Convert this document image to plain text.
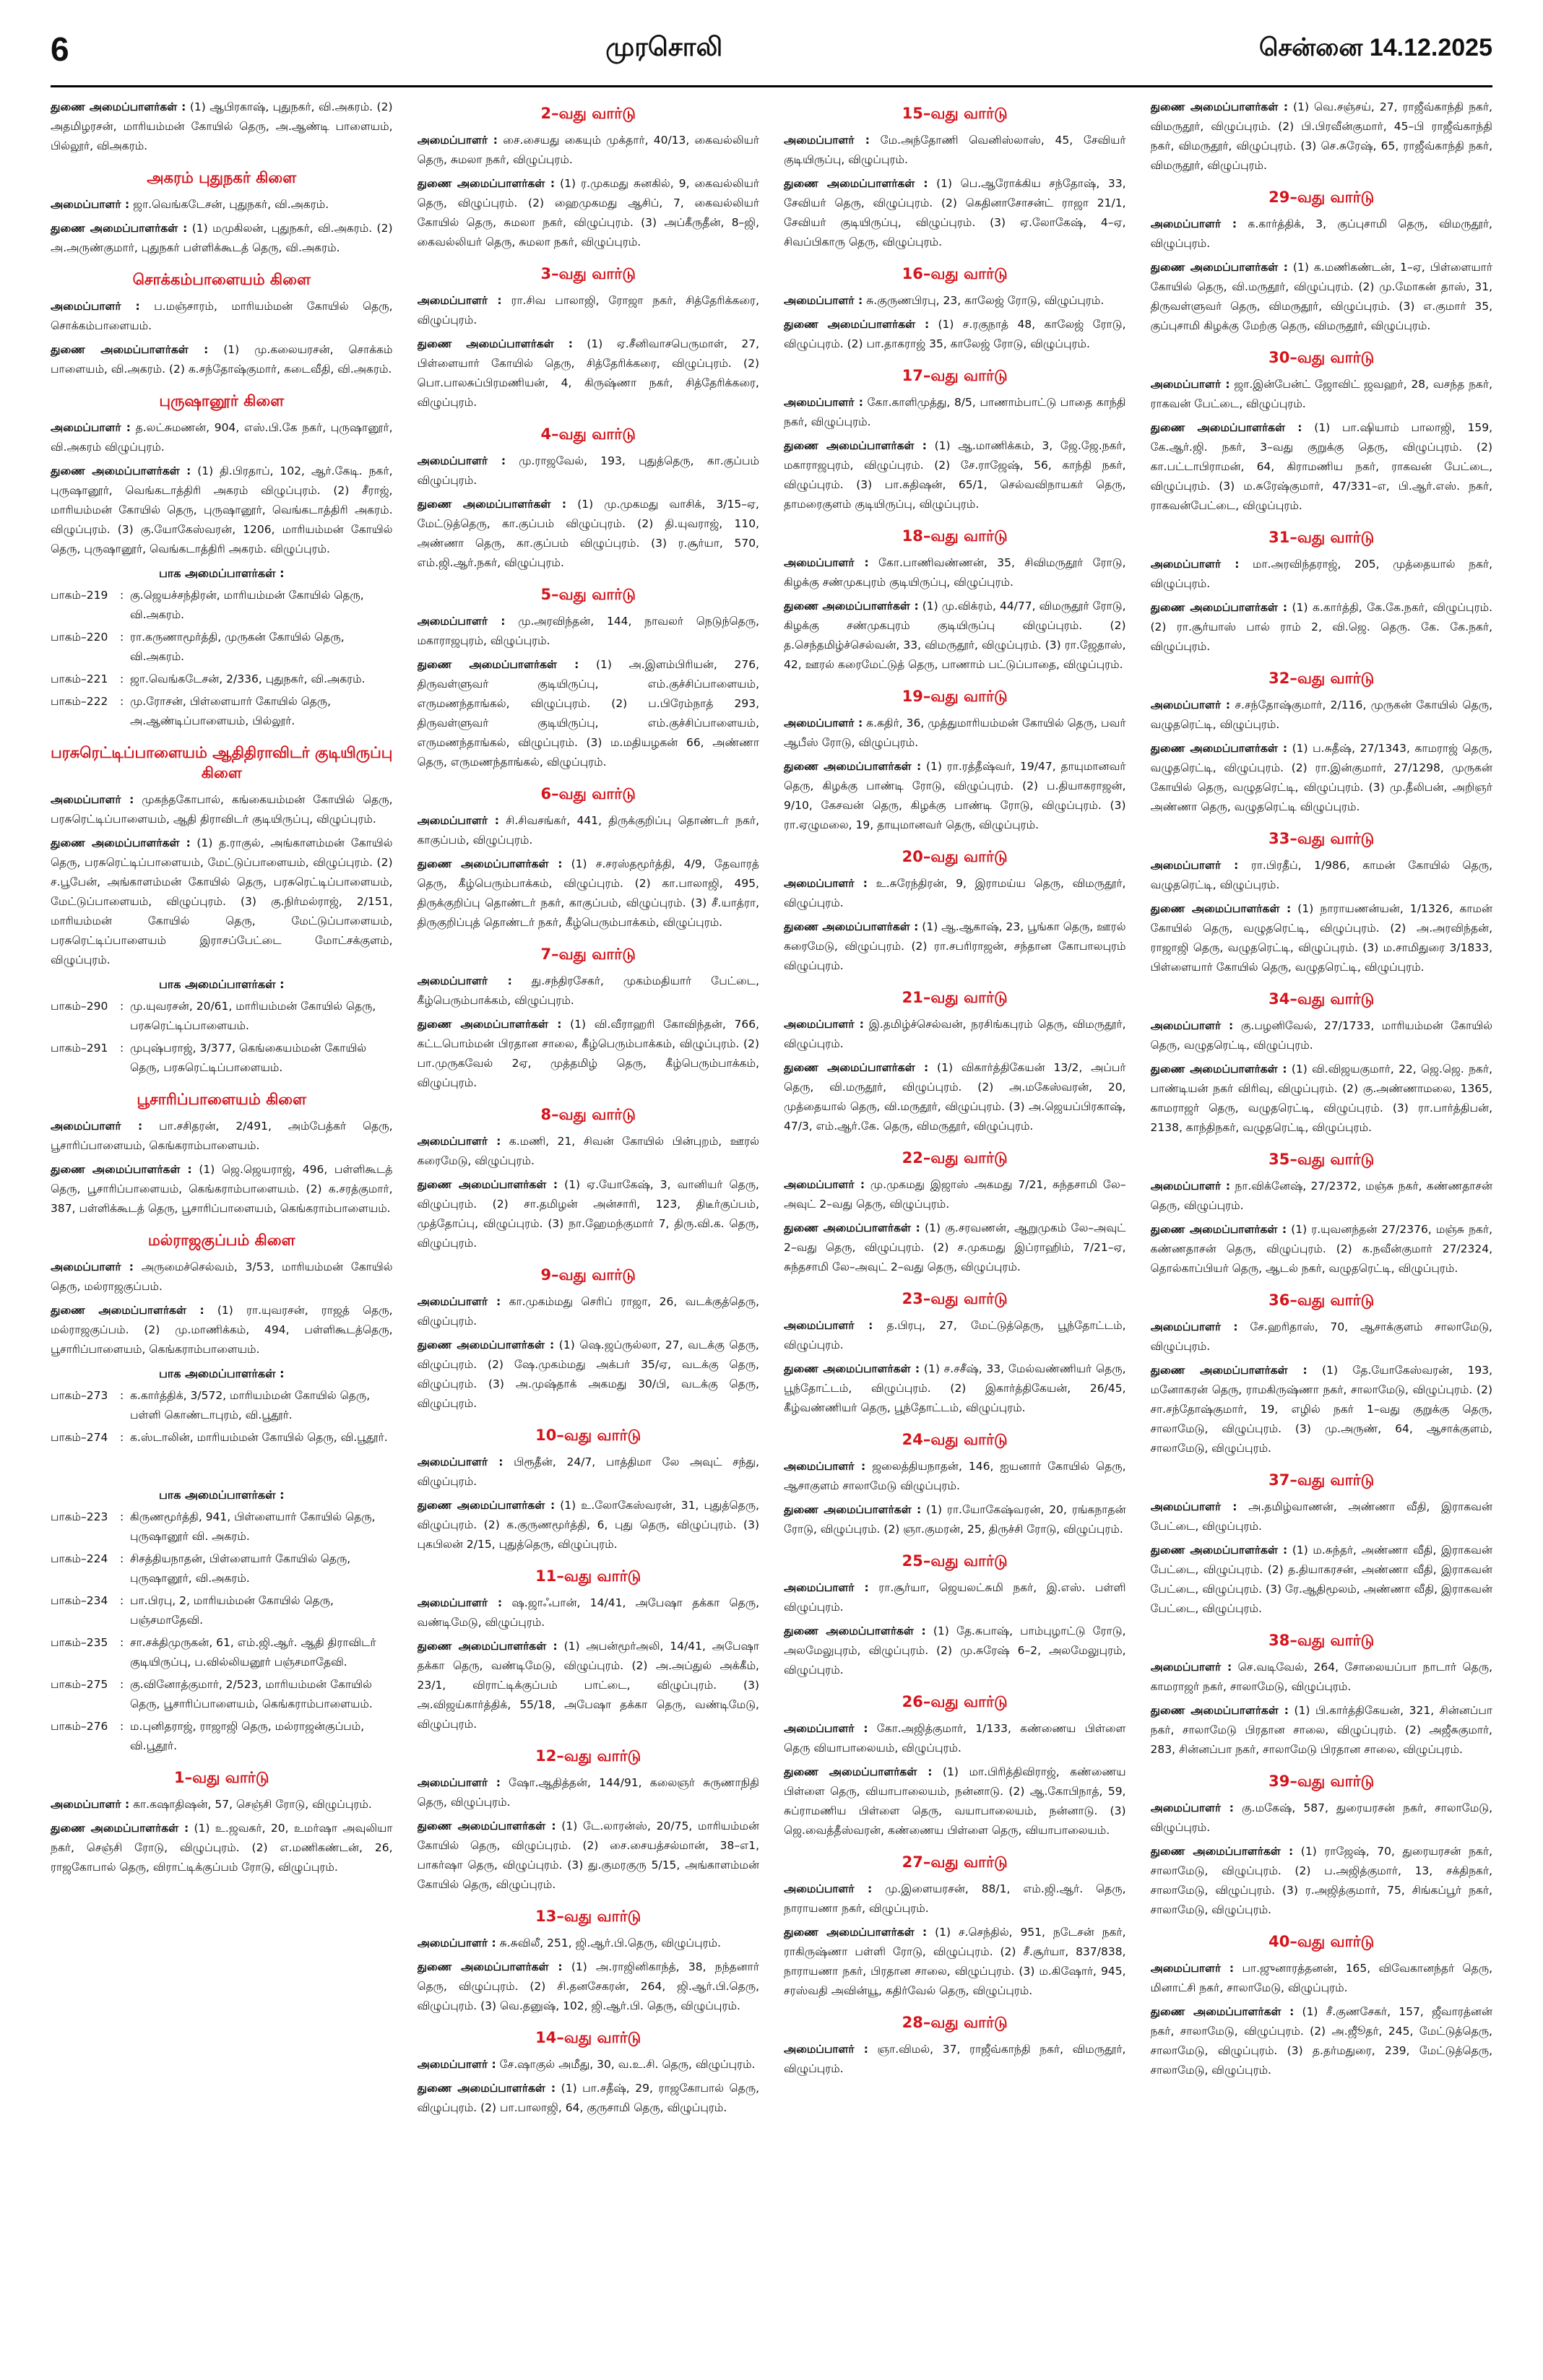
6	முரசொலி	சென்னை 14.12.2025

துணை அமைப்பாளர்கள் : (1) ஆபிரகாஷ், புதுநகர், வி.அகரம். (2) அதமிழரசன், மாரியம்மன் கோயில் தெரு, அ.ஆண்டி பாளையம், பில்லூர், விஅகரம்.

அகரம் புதுநகர் கிளை

அமைப்பாளர் : ஜா.வெங்கடேசன், புதுநகர், வி.அகரம்.

துணை அமைப்பாளர்கள் : (1) மமுகிலன், புதுநகர், வி.அகரம். (2) அ.அருண்குமார், புதுநகர் பள்ளிக்கூடத் தெரு, வி.அகரம்.

சொக்கம்பாளையம் கிளை

அமைப்பாளர் : ப.மஞ்சாரம், மாரியம்மன் கோயில் தெரு, சொக்கம்பாளையம்.

துணை அமைப்பாளர்கள் : (1) மு.கலையரசன், சொக்கம் பாளையம், வி.அகரம். (2) க.சந்தோஷ்குமார், கடைவீதி, வி.அகரம்.

புருஷானூர் கிளை

அமைப்பாளர் : த.லட்சுமணன், 904, எஸ்.பி.கே நகர், புருஷானூர், வி.அகரம் விழுப்புரம்.

துணை அமைப்பாளர்கள் : (1) தி.பிரதாப், 102, ஆர்.கேடி. நகர், புருஷானூர், வெங்கடாத்திரி அகரம் விழுப்புரம். (2) சீராஜ், மாரியம்மன் கோயில் தெரு, புருஷானூர், வெங்கடாத்திரி அகரம். விழுப்புரம். (3) கு.யோகேஸ்வரன், 1206, மாரியம்மன் கோயில் தெரு, புருஷானூர், வெங்கடாத்திரி அகரம். விழுப்புரம்.

பாக அமைப்பாளர்கள் :
பாகம்–219	: கு.ஜெயச்சந்திரன், மாரியம்மன் கோயில் தெரு, வி.அகரம்.
பாகம்–220	: ரா.கருணாமூர்த்தி, முருகன் கோயில் தெரு, வி.அகரம்.
பாகம்–221	: ஜா.வெங்கடேசன், 2/336, புதுநகர், வி.அகரம்.
பாகம்–222	: மு.ரோசன், பிள்ளையார் கோயில் தெரு, அ.ஆண்டிப்பாளையம், பில்லூர்.
பரசுரெட்டிப்பாளையம் ஆதிதிராவிடர் குடியிருப்பு கிளை

அமைப்பாளர் : முகந்தகோபால், கங்கையம்மன் கோயில் தெரு, பரசுரெட்டிப்பாளையம், ஆதி திராவிடர் குடியிருப்பு, விழுப்புரம்.

துணை அமைப்பாளர்கள் : (1) த.ராகுல், அங்காளம்மன் கோயில் தெரு, பரசுரெட்டிப்பாளையம், மேட்டுப்பாளையம், விழுப்புரம். (2) ச.பூபேன், அங்காளம்மன் கோயில் தெரு, பரசுரெட்டிப்பாளையம், மேட்டுப்பாளையம், விழுப்புரம். (3) கு.நிர்மல்ராஜ், 2/151, மாரியம்மன் கோயில் தெரு, மேட்டுப்பாளையம், பரசுரெட்டிப்பாளையம் இராசப்பேட்டை மோட்சக்குளம், விழுப்புரம்.

பாக அமைப்பாளர்கள் :
பாகம்–290	: மு.யுவரசன், 20/61, மாரியம்மன் கோயில் தெரு, பரசுரெட்டிப்பாளையம்.
பாகம்–291	: முபுஷ்பராஜ், 3/377, கெங்கையம்மன் கோயில் தெரு, பரசுரெட்டிப்பாளையம்.
பூசாரிப்பாளையம் கிளை

அமைப்பாளர் : பா.சசிதரன், 2/491, அம்பேத்கர் தெரு, பூசாரிப்பாளையம், கெங்கராம்பாளையம்.

துணை அமைப்பாளர்கள் : (1) ஜெ.ஜெயராஜ், 496, பள்ளிகூடத் தெரு, பூசாரிப்பாளையம், கெங்கராம்பாளையம். (2) க.சரத்குமார், 387, பள்ளிக்கூடத் தெரு, பூசாரிப்பாளையம், கெங்கராம்பாளையம்.

மல்ராஜகுப்பம் கிளை

அமைப்பாளர் : அருமைச்செல்வம், 3/53, மாரியம்மன் கோயில் தெரு, மல்ராஜகுப்பம்.

துணை அமைப்பாளர்கள் : (1) ரா.யுவரசன், ராஜத் தெரு, மல்ராஜகுப்பம். (2) மு.மாணிக்கம், 494, பள்ளிகூடத்தெரு, பூசாரிப்பாளையம், கெங்கராம்பாளையம்.

பாக அமைப்பாளர்கள் :
பாகம்–273	: க.கார்த்திக், 3/572, மாரியம்மன் கோயில் தெரு, பள்ளி கொண்டாபுரம், வி.பூதூர்.
பாகம்–274	: க.ஸ்டாலின், மாரியம்மன் கோயில் தெரு, வி.பூதூர்.
பாக அமைப்பாளர்கள் :
பாகம்–223	: கிருணமூர்த்தி, 941, பிள்ளையார் கோயில் தெரு, புருஷானூர் வி. அகரம்.
பாகம்–224	: சிசத்தியநாதன், பிள்ளையார் கோயில் தெரு, புருஷானூர், வி.அகரம்.
பாகம்–234	: பா.பிரபு, 2, மாரியம்மன் கோயில் தெரு, பஞ்சமாதேவி.
பாகம்–235	: சா.சக்திமுருகன், 61, எம்.ஜி.ஆர். ஆதி திராவிடர் குடியிருப்பு, ப.வில்லியனூர் பஞ்சமாதேவி.
பாகம்–275	: கு.வினோத்குமார், 2/523, மாரியம்மன் கோயில் தெரு, பூசாரிப்பாளையம், கெங்கராம்பாளையம்.
பாகம்–276	: ம.புனிதராஜ், ராஜாஜி தெரு, மல்ராஜன்குப்பம், வி.பூதூர்.
1–வது வார்டு

அமைப்பாளர் : கா.கஷாதிஷன், 57, செஞ்சி ரோடு, விழுப்புரம்.

துணை அமைப்பாளர்கள் : (1) உ.ஜவகர், 20, உமர்ஷா அவுலியா நகர், செஞ்சி ரோடு, விழுப்புரம். (2) எ.மணிகண்டன், 26, ராஜகோபால் தெரு, விராட்டிக்குப்பம் ரோடு, விழுப்புரம்.

2–வது வார்டு

அமைப்பாளர் : சை.சையது கையும் முக்தார், 40/13, கைவல்லியர் தெரு, சுமலா நகர், விழுப்புரம்.

துணை அமைப்பாளர்கள் : (1) ர.முகமது சுனகில், 9, கைவல்லியர் தெரு, விழுப்புரம். (2) ஹைமுகமது ஆசிப், 7, கைவல்லியர் கோயில் தெரு, சுமலா நகர், விழுப்புரம். (3) அப்கீருதீன், 8–ஜி, கைவல்லியர் தெரு, சுமலா நகர், விழுப்புரம்.

3–வது வார்டு

அமைப்பாளர் : ரா.சிவ பாலாஜி, ரோஜா நகர், சித்தேரிக்கரை, விழுப்புரம்.

துணை அமைப்பாளர்கள் : (1) ஏ.சீனிவாசபெருமாள், 27, பிள்ளையார் கோயில் தெரு, சித்தேரிக்கரை, விழுப்புரம். (2) பொ.பாலசுப்பிரமணியன், 4, கிருஷ்ணா நகர், சித்தேரிக்கரை, விழுப்புரம்.

4–வது வார்டு

அமைப்பாளர் : மு.ராஜவேல், 193, புதுத்தெரு, கா.குப்பம் விழுப்புரம்.

துணை அமைப்பாளர்கள் : (1) மு.முகமது வாசிக், 3/15–ஏ, மேட்டுத்தெரு, கா.குப்பம் விழுப்புரம். (2) தி.யுவராஜ், 110, அண்ணா தெரு, கா.குப்பம் விழுப்புரம். (3) ர.சூர்யா, 570, எம்.ஜி.ஆர்.நகர், விழுப்புரம்.

5–வது வார்டு

அமைப்பாளர் : மு.அரவிந்தன், 144, நாவலர் நெடுந்தெரு, மகாராஜபுரம், விழுப்புரம்.

துணை அமைப்பாளர்கள் : (1) அ.இளம்பிரியன், 276, திருவள்ளுவர் குடியிருப்பு, எம்.குச்சிப்பாளையம், எருமணந்தாங்கல், விழுப்புரம். (2) ப.பிரேம்நாத் 293, திருவள்ளுவர் குடியிருப்பு, எம்.குச்சிப்பாளையம், எருமணந்தாங்கல், விழுப்புரம். (3) ம.மதியழகன் 66, அண்ணா தெரு, எருமணந்தாங்கல், விழுப்புரம்.

6–வது வார்டு

அமைப்பாளர் : சி.சிவசங்கர், 441, திருக்குறிப்பு தொண்டர் நகர், காகுப்பம், விழுப்புரம்.

துணை அமைப்பாளர்கள் : (1) ச.சரஸ்தமூர்த்தி, 4/9, தேவாரத் தெரு, கீழ்பெரும்பாக்கம், விழுப்புரம். (2) கா.பாலாஜி, 495, திருக்குறிப்பு தொண்டர் நகர், காகுப்பம், விழுப்புரம். (3) சீ.யாத்ரா, திருகுறிப்புத் தொண்டர் நகர், கீழ்பெரும்பாக்கம், விழுப்புரம்.

7–வது வார்டு

அமைப்பாளர் : து.சந்திரசேகர், முகம்மதியார் பேட்டை, கீழ்பெரும்பாக்கம், விழுப்புரம்.

துணை அமைப்பாளர்கள் : (1) வி.வீராஹரி கோவிந்தன், 766, கட்டபொம்மன் பிரதான சாலை, கீழ்பெரும்பாக்கம், விழுப்புரம். (2) பா.முருகவேல் 2ஏ, முத்தமிழ் தெரு, கீழ்பெரும்பாக்கம், விழுப்புரம்.

8–வது வார்டு

அமைப்பாளர் : க.மணி, 21, சிவன் கோயில் பின்புறம், ஊரல் கரைமேடு, விழுப்புரம்.

துணை அமைப்பாளர்கள் : (1) ஏ.யோகேஷ், 3, வானியர் தெரு, விழுப்புரம். (2) சா.தமிழன் அன்சாரி, 123, திடீர்குப்பம், முத்தோப்பு, விழுப்புரம். (3) நா.ஹேமந்குமார் 7, திரு.வி.க. தெரு, விழுப்புரம்.

9–வது வார்டு

அமைப்பாளர் : கா.முகம்மது செரிப் ராஜா, 26, வடக்குத்தெரு, விழுப்புரம்.

துணை அமைப்பாளர்கள் : (1) ஷெ.ஜப்ருல்லா, 27, வடக்கு தெரு, விழுப்புரம். (2) ஷே.முகம்மது அக்பர் 35/ஏ, வடக்கு தெரு, விழுப்புரம். (3) அ.முஷ்தாக் அகமது 30/பி, வடக்கு தெரு, விழுப்புரம்.

10–வது வார்டு

அமைப்பாளர் : பிரூதீன், 24/7, பாத்திமா லே அவுட் சந்து, விழுப்புரம்.

துணை அமைப்பாளர்கள் : (1) உ.லோகேஸ்வரன், 31, புதுத்தெரு, விழுப்புரம். (2) க.குருணமூர்த்தி, 6, புது தெரு, விழுப்புரம். (3) புகபிலன் 2/15, புதுத்தெரு, விழுப்புரம்.

11–வது வார்டு

அமைப்பாளர் : ஷ.ஜாஃபான், 14/41, அபேஷா தக்கா தெரு, வண்டிமேடு, விழுப்புரம்.

துணை அமைப்பாளர்கள் : (1) அபன்மூர்அலி, 14/41, அபேஷா தக்கா தெரு, வண்டிமேடு, விழுப்புரம். (2) அ.அப்துல் அக்கீம், 23/1, விராட்டிக்குப்பம் பாட்டை, விழுப்புரம். (3) அ.விஜய்கார்த்திக், 55/18, அபேஷா தக்கா தெரு, வண்டிமேடு, விழுப்புரம்.

12–வது வார்டு

அமைப்பாளர் : ஷோ.ஆதித்தன், 144/91, கலைஞர் சுருணாநிதி தெரு, விழுப்புரம்.

துணை அமைப்பாளர்கள் : (1) டே.லாரன்ஸ், 20/75, மாரியம்மன் கோயில் தெரு, விழுப்புரம். (2) சை.சையத்சல்மான், 38–எ1, பாகர்ஷா தெரு, விழுப்புரம். (3) து.குமரகுரு 5/15, அங்காளம்மன் கோயில் தெரு, விழுப்புரம்.

13–வது வார்டு

அமைப்பாளர் : சு.சுவிலீ, 251, ஜி.ஆர்.பி.தெரு, விழுப்புரம்.

துணை அமைப்பாளர்கள் : (1) அ.ராஜினிகாந்த், 38, நந்தனார் தெரு, விழுப்புரம். (2) சி.தனசேகரன், 264, ஜி.ஆர்.பி.தெரு, விழுப்புரம். (3) வெ.தனுஷ், 102, ஜி.ஆர்.பி. தெரு, விழுப்புரம்.

14–வது வார்டு

அமைப்பாளர் : சே.ஷாகுல் அமீது, 30, வ.உ.சி. தெரு, விழுப்புரம்.

துணை அமைப்பாளர்கள் : (1) பா.சதீஷ், 29, ராஜகோபால் தெரு, விழுப்புரம். (2) பா.பாலாஜி, 64, குருசாமி தெரு, விழுப்புரம்.

15–வது வார்டு

அமைப்பாளர் : மே.அந்தோணி வெனிஸ்லாஸ், 45, சேவியர் குடியிருப்பு, விழுப்புரம்.

துணை அமைப்பாளர்கள் : (1) பெ.ஆரோக்கிய சந்தோஷ், 33, சேவியர் தெரு, விழுப்புரம். (2) கெதினாசோசன்ட் ராஜா 21/1, சேவியர் குடியிருப்பு, விழுப்புரம். (3) ஏ.லோகேஷ், 4–ஏ, சிவப்பிகாரு தெரு, விழுப்புரம்.

16–வது வார்டு

அமைப்பாளர் : சு.குருணபிரபு, 23, காலேஜ் ரோடு, விழுப்புரம்.

துணை அமைப்பாளர்கள் : (1) ச.ரகுநாத் 48, காலேஜ் ரோடு, விழுப்புரம். (2) பா.தாகராஜ் 35, காலேஜ் ரோடு, விழுப்புரம்.

17–வது வார்டு

அமைப்பாளர் : கோ.காளிமுத்து, 8/5, பாணாம்பாட்டு பாதை காந்தி நகர், விழுப்புரம்.

துணை அமைப்பாளர்கள் : (1) ஆ.மாணிக்கம், 3, ஜே.ஜே.நகர், மகாராஜபுரம், விழுப்புரம். (2) சே.ராஜேஷ், 56, காந்தி நகர், விழுப்புரம். (3) பா.சுதிஷன், 65/1, செல்வவிநாயகர் தெரு, தாமரைகுளம் குடியிருப்பு, விழுப்புரம்.

18–வது வார்டு

அமைப்பாளர் : கோ.பாணிவண்ணன், 35, சிவிமருதூர் ரோடு, கிழக்கு சண்முகபுரம் குடியிருப்பு, விழுப்புரம்.

துணை அமைப்பாளர்கள் : (1) மு.விக்ரம், 44/77, விமருதூர் ரோடு, கிழக்கு சண்முகபுரம் குடியிருப்பு விழுப்புரம். (2) த.செந்தமிழ்ச்செல்வன், 33, விமருதூர், விழுப்புரம். (3) ரா.ஜேதாஸ், 42, ஊரல் கரைமேட்டுத் தெரு, பாணாம் பட்டுப்பாதை, விழுப்புரம்.

19–வது வார்டு

அமைப்பாளர் : க.கதிர், 36, முத்துமாரியம்மன் கோயில் தெரு, பவர் ஆபீஸ் ரோடு, விழுப்புரம்.

துணை அமைப்பாளர்கள் : (1) ரா.ரத்தீஷ்வர், 19/47, தாயுமானவர் தெரு, கிழக்கு பாண்டி ரோடு, விழுப்புரம். (2) ப.தியாகராஜன், 9/10, கேசவன் தெரு, கிழக்கு பாண்டி ரோடு, விழுப்புரம். (3) ரா.ஏழுமலை, 19, தாயுமானவர் தெரு, விழுப்புரம்.

20–வது வார்டு

அமைப்பாளர் : உ.சுரேந்திரன், 9, இராமய்ய தெரு, விமருதூர், விழுப்புரம்.

துணை அமைப்பாளர்கள் : (1) ஆ.ஆகாஷ், 23, பூங்கா தெரு, ஊரல் கரைமேடு, விழுப்புரம். (2) ரா.சபரிராஜன், சந்தான கோபாலபுரம் விழுப்புரம்.

21–வது வார்டு

அமைப்பாளர் : இ.தமிழ்ச்செல்வன், நரசிங்கபுரம் தெரு, விமருதூர், விழுப்புரம்.

துணை அமைப்பாளர்கள் : (1) விகார்த்திகேயன் 13/2, அப்பர் தெரு, வி.மருதூர், விழுப்புரம். (2) அ.மகேஸ்வரன், 20, முத்தையால் தெரு, வி.மருதூர், விழுப்புரம். (3) அ.ஜெயப்பிரகாஷ், 47/3, எம்.ஆர்.கே. தெரு, விமருதூர், விழுப்புரம்.

22–வது வார்டு

அமைப்பாளர் : மு.முகமது இஜாஸ் அகமது 7/21, சுந்தசாமி லே–அவுட் 2–வது தெரு, விழுப்புரம்.

துணை அமைப்பாளர்கள் : (1) கு.சரவணன், ஆறுமுகம் லே–அவுட் 2–வது தெரு, விழுப்புரம். (2) ச.முகமது இப்ராஹிம், 7/21–ஏ, சுந்தசாமி லே–அவுட் 2–வது தெரு, விழுப்புரம்.

23–வது வார்டு

அமைப்பாளர் : த.பிரபு, 27, மேட்டுத்தெரு, பூந்தோட்டம், விழுப்புரம்.

துணை அமைப்பாளர்கள் : (1) ச.சசீஷ், 33, மேல்வண்ணியர் தெரு, பூந்தோட்டம், விழுப்புரம். (2) இகார்த்திகேயன், 26/45, கீழ்வண்ணியர் தெரு, பூந்தோட்டம், விழுப்புரம்.

24–வது வார்டு

அமைப்பாளர் : ஜலைத்தியநாதன், 146, ஐயனார் கோயில் தெரு, ஆசாகுளம் சாலாமேடு விழுப்புரம்.

துணை அமைப்பாளர்கள் : (1) ரா.யோகேஷ்வரன், 20, ரங்கநாதன் ரோடு, விழுப்புரம். (2) ஞா.குமரன், 25, திருச்சி ரோடு, விழுப்புரம்.

25–வது வார்டு

அமைப்பாளர் : ரா.சூர்யா, ஜெயலட்சுமி நகர், இ.எஸ். பள்ளி விழுப்புரம்.

துணை அமைப்பாளர்கள் : (1) தே.சுபாஷ், பாம்புழாட்டு ரோடு, அலமேலுபுரம், விழுப்புரம். (2) மு.சுரேஷ் 6–2, அலமேலுபுரம், விழுப்புரம்.

26–வது வார்டு

அமைப்பாளர் : கோ.அஜித்குமார், 1/133, கண்ணைய பிள்ளை தெரு வியாபாலையம், விழுப்புரம்.

துணை அமைப்பாளர்கள் : (1) மா.பிரித்திவிராஜ், கண்ணைய பிள்ளை தெரு, வியாபாலையம், நன்னாடு. (2) ஆ.கோபிநாத், 59, சுப்ராமணிய பிள்ளை தெரு, வயாபாலையம், நன்னாடு. (3) ஜெ.வைத்தீஸ்வரன், கண்ணைய பிள்ளை தெரு, வியாபாலையம்.

27–வது வார்டு

அமைப்பாளர் : மு.இளையரசன், 88/1, எம்.ஜி.ஆர். தெரு, நாராயணா நகர், விழுப்புரம்.

துணை அமைப்பாளர்கள் : (1) ச.செந்தில், 951, நடேசன் நகர், ராகிருஷ்ணா பள்ளி ரோடு, விழுப்புரம். (2) சீ.சூர்யா, 837/838, நாராயணா நகர், பிரதான சாலை, விழுப்புரம். (3) ம.கிஷோர், 945, சரஸ்வதி அவின்யூ, கதிர்வேல் தெரு, விழுப்புரம்.

28–வது வார்டு

அமைப்பாளர் : ஞா.விமல், 37, ராஜீவ்காந்தி நகர், விமருதூர், விழுப்புரம்.

துணை அமைப்பாளர்கள் : (1) வெ.சஞ்சய், 27, ராஜீவ்காந்தி நகர், விமருதூர், விழுப்புரம். (2) பி.பிரவீன்குமார், 45–பி ராஜீவ்காந்தி நகர், விமருதூர், விழுப்புரம். (3) செ.சுரேஷ், 65, ராஜீவ்காந்தி நகர், விமருதூர், விழுப்புரம்.

29–வது வார்டு

அமைப்பாளர் : க.கார்த்திக், 3, குப்புசாமி தெரு, விமருதூர், விழுப்புரம்.

துணை அமைப்பாளர்கள் : (1) க.மணிகண்டன், 1–ஏ, பிள்ளையார் கோயில் தெரு, வி.மருதூர், விழுப்புரம். (2) மு.மோகன் தாஸ், 31, திருவள்ளுவர் தெரு, விமருதூர், விழுப்புரம். (3) எ.குமார் 35, குப்புசாமி கிழக்கு மேற்கு தெரு, விமருதூர், விழுப்புரம்.

30–வது வார்டு

அமைப்பாளர் : ஜா.இன்பேன்ட் ஜோவிட் ஜவஹர், 28, வசந்த நகர், ராகவன் பேட்டை, விழுப்புரம்.

துணை அமைப்பாளர்கள் : (1) பா.ஷியாம் பாலாஜி, 159, கே.ஆர்.ஜி. நகர், 3–வது குறுக்கு தெரு, விழுப்புரம். (2) கா.பட்டாபிராமன், 64, கிராமணிய நகர், ராகவன் பேட்டை, விழுப்புரம். (3) ம.சுரேஷ்குமார், 47/331–எ, பி.ஆர்.எஸ். நகர், ராகவன்பேட்டை, விழுப்புரம்.

31–வது வார்டு

அமைப்பாளர் : மா.அரவிந்தராஜ், 205, முத்தையால் நகர், விழுப்புரம்.

துணை அமைப்பாளர்கள் : (1) க.கார்த்தி, கே.கே.நகர், விழுப்புரம். (2) ரா.சூர்யாஸ் பால் ராம் 2, வி.ஜெ. தெரு. கே. கே.நகர், விழுப்புரம்.

32–வது வார்டு

அமைப்பாளர் : ச.சந்தோஷ்குமார், 2/116, முருகன் கோயில் தெரு, வழுதரெட்டி, விழுப்புரம்.

துணை அமைப்பாளர்கள் : (1) ப.சுதீஷ், 27/1343, காமராஜ் தெரு, வழுதரெட்டி, விழுப்புரம். (2) ரா.இன்குமார், 27/1298, முருகன் கோயில் தெரு, வழுதரெட்டி, விழுப்புரம். (3) மு.தீலிபன், அறிஞர் அண்ணா தெரு, வழுதரெட்டி விழுப்புரம்.

33–வது வார்டு

அமைப்பாளர் : ரா.பிரதீப், 1/986, காமன் கோயில் தெரு, வழுதரெட்டி, விழுப்புரம்.

துணை அமைப்பாளர்கள் : (1) நாராயணன்யன், 1/1326, காமன் கோயில் தெரு, வழுதரெட்டி, விழுப்புரம். (2) அ.அரவிந்தன், ராஜாஜி தெரு, வழுதரெட்டி, விழுப்புரம். (3) ம.சாமிதுரை 3/1833, பிள்ளையார் கோயில் தெரு, வழுதரெட்டி, விழுப்புரம்.

34–வது வார்டு

அமைப்பாளர் : கு.பழனிவேல், 27/1733, மாரியம்மன் கோயில் தெரு, வழுதரெட்டி, விழுப்புரம்.

துணை அமைப்பாளர்கள் : (1) வி.விஜயகுமார், 22, ஜெ.ஜெ. நகர், பாண்டியன் நகர் விரிவு, விழுப்புரம். (2) கு.அண்ணாமலை, 1365, காமராஜர் தெரு, வழுதரெட்டி, விழுப்புரம். (3) ரா.பார்த்திபன், 2138, காந்திநகர், வழுதரெட்டி, விழுப்புரம்.

35–வது வார்டு

அமைப்பாளர் : நா.விக்னேஷ், 27/2372, மஞ்சு நகர், கண்ணதாசன் தெரு, விழுப்புரம்.

துணை அமைப்பாளர்கள் : (1) ர.யுவனந்தன் 27/2376, மஞ்சு நகர், கண்ணதாசன் தெரு, விழுப்புரம். (2) க.நவீன்குமார் 27/2324, தொல்காப்பியர் தெரு, ஆடல் நகர், வழுதரெட்டி, விழுப்புரம்.

36–வது வார்டு

அமைப்பாளர் : சே.ஹரிதாஸ், 70, ஆசாக்குளம் சாலாமேடு, விழுப்புரம்.

துணை அமைப்பாளர்கள் : (1) தே.யோகேஸ்வரன், 193, மனோகரன் தெரு, ராமகிருஷ்ணா நகர், சாலாமேடு, விழுப்புரம். (2) சா.சந்தோஷ்குமார், 19, எழில் நகர் 1–வது குறுக்கு தெரு, சாலாமேடு, விழுப்புரம். (3) மு.அருண், 64, ஆசாக்குளம், சாலாமேடு, விழுப்புரம்.

37–வது வார்டு

அமைப்பாளர் : அ.தமிழ்வாணன், அண்ணா வீதி, இராகவன் பேட்டை, விழுப்புரம்.

துணை அமைப்பாளர்கள் : (1) ம.சுந்தர், அண்ணா வீதி, இராகவன் பேட்டை, விழுப்புரம். (2) த.தியாகரசன், அண்ணா வீதி, இராகவன் பேட்டை, விழுப்புரம். (3) ரே.ஆதிமூலம், அண்ணா வீதி, இராகவன் பேட்டை, விழுப்புரம்.

38–வது வார்டு

அமைப்பாளர் : செ.வடிவேல், 264, சோலையப்பா நாடார் தெரு, காமராஜர் நகர், சாலாமேடு, விழுப்புரம்.

துணை அமைப்பாளர்கள் : (1) பி.கார்த்திகேயன், 321, சின்னப்பா நகர், சாலாமேடு பிரதான சாலை, விழுப்புரம். (2) அஜீசுகுமார், 283, சின்னப்பா நகர், சாலாமேடு பிரதான சாலை, விழுப்புரம்.

39–வது வார்டு

அமைப்பாளர் : கு.மகேஷ், 587, துரையரசன் நகர், சாலாமேடு, விழுப்புரம்.

துணை அமைப்பாளர்கள் : (1) ராஜேஷ், 70, துரையரசன் நகர், சாலாமேடு, விழுப்புரம். (2) ப.அஜித்குமார், 13, சக்திநகர், சாலாமேடு, விழுப்புரம். (3) ர.அஜித்குமார், 75, சிங்கப்பூர் நகர், சாலாமேடு, விழுப்புரம்.

40–வது வார்டு

அமைப்பாளர் : பா.ஜுனாரத்தனன், 165, விவேகானந்தர் தெரு, மினாட்சி நகர், சாலாமேடு, விழுப்புரம்.

துணை அமைப்பாளர்கள் : (1) சீ.குணசேகர், 157, ஜீவாரத்னன் நகர், சாலாமேடு, விழுப்புரம். (2) அ.ஜூீதர், 245, மேட்டுத்தெரு, சாலாமேடு, விழுப்புரம். (3) த.தர்மதுரை, 239, மேட்டுத்தெரு, சாலாமேடு, விழுப்புரம்.
